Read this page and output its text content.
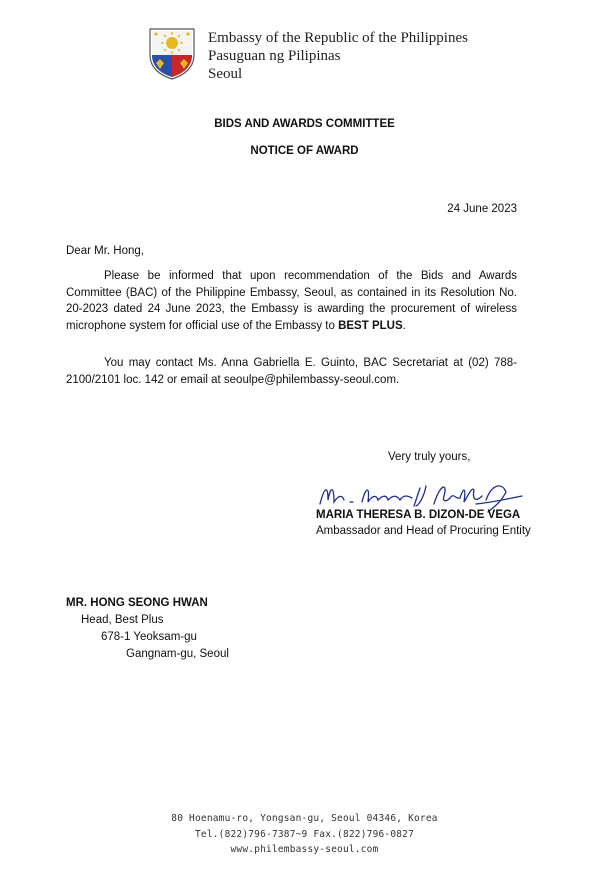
Embassy of the Republic of the Philippines
Pasuguan ng Pilipinas
Seoul
BIDS AND AWARDS COMMITTEE
NOTICE OF AWARD
24 June 2023
Dear Mr. Hong,

Please be informed that upon recommendation of the Bids and Awards Committee (BAC) of the Philippine Embassy, Seoul, as contained in its Resolution No. 20-2023 dated 24 June 2023, the Embassy is awarding the procurement of wireless microphone system for official use of the Embassy to BEST PLUS.

You may contact Ms. Anna Gabriella E. Guinto, BAC Secretariat at (02) 788-2100/2101 loc. 142 or email at seoulpe@philembassy-seoul.com.

Very truly yours,
MARIA THERESA B. DIZON-DE VEGA
Ambassador and Head of Procuring Entity
MR. HONG SEONG HWAN
Head, Best Plus
678-1 Yeoksam-gu
Gangnam-gu, Seoul
80 Hoenamu-ro, Yongsan-gu, Seoul 04346, Korea
Tel.(822)796-7387~9 Fax.(822)796-0827
www.philembassy-seoul.com
